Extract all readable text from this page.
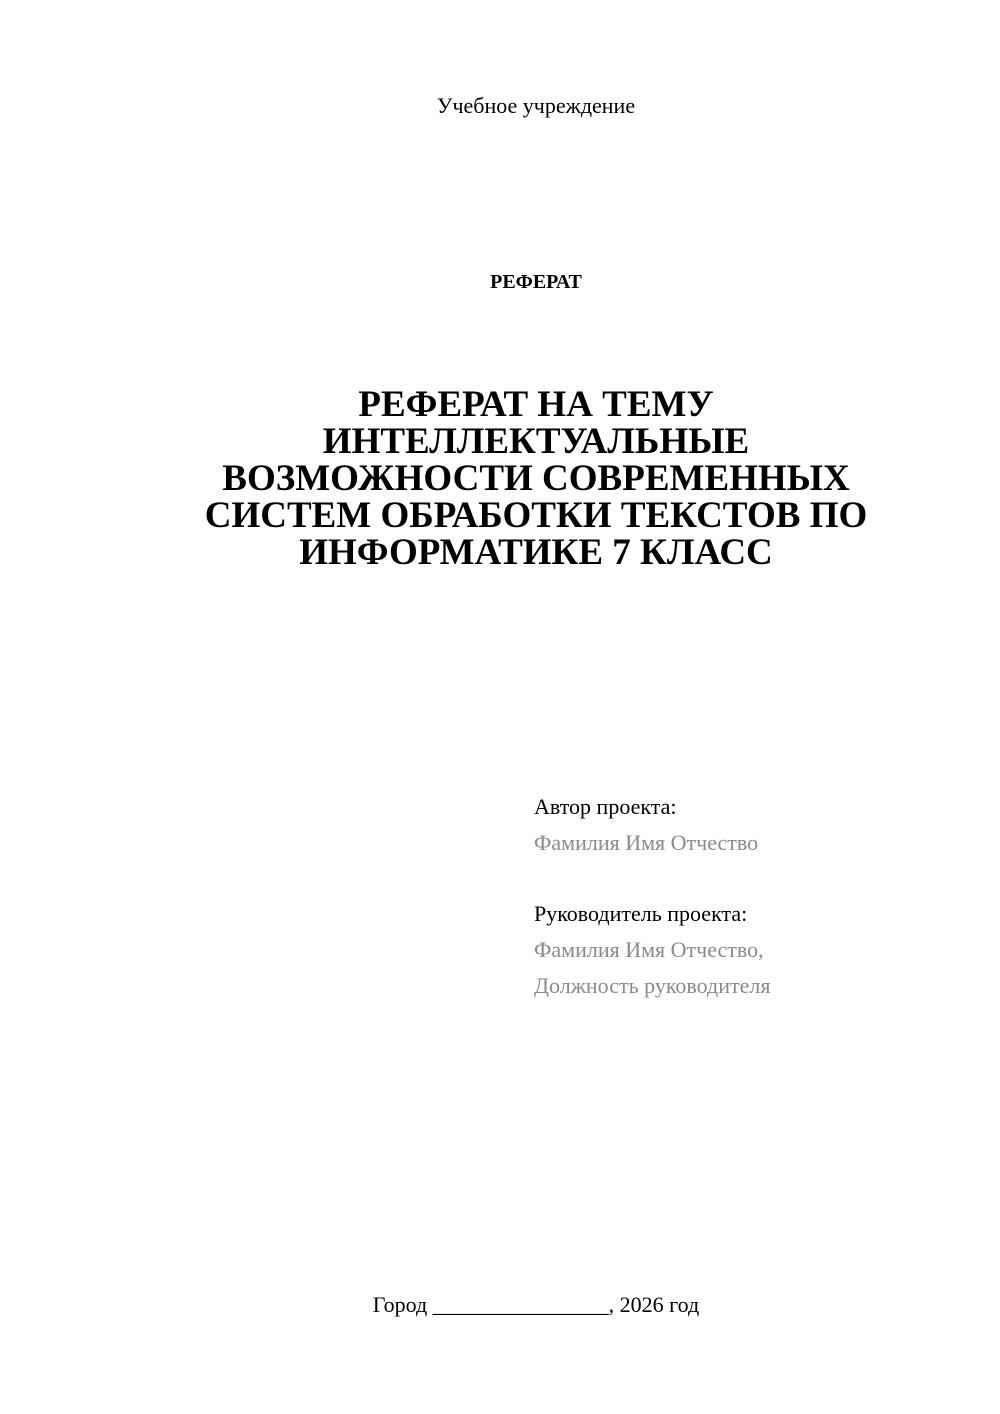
Учебное учреждение
РЕФЕРАТ
РЕФЕРАТ НА ТЕМУ
ИНТЕЛЛЕКТУАЛЬНЫЕ
ВОЗМОЖНОСТИ СОВРЕМЕННЫХ
СИСТЕМ ОБРАБОТКИ ТЕКСТОВ ПО
ИНФОРМАТИКЕ 7 КЛАСС
Автор проекта:
Фамилия Имя Отчество
Руководитель проекта:
Фамилия Имя Отчество,
Должность руководителя
Город ________________, 2026 год
